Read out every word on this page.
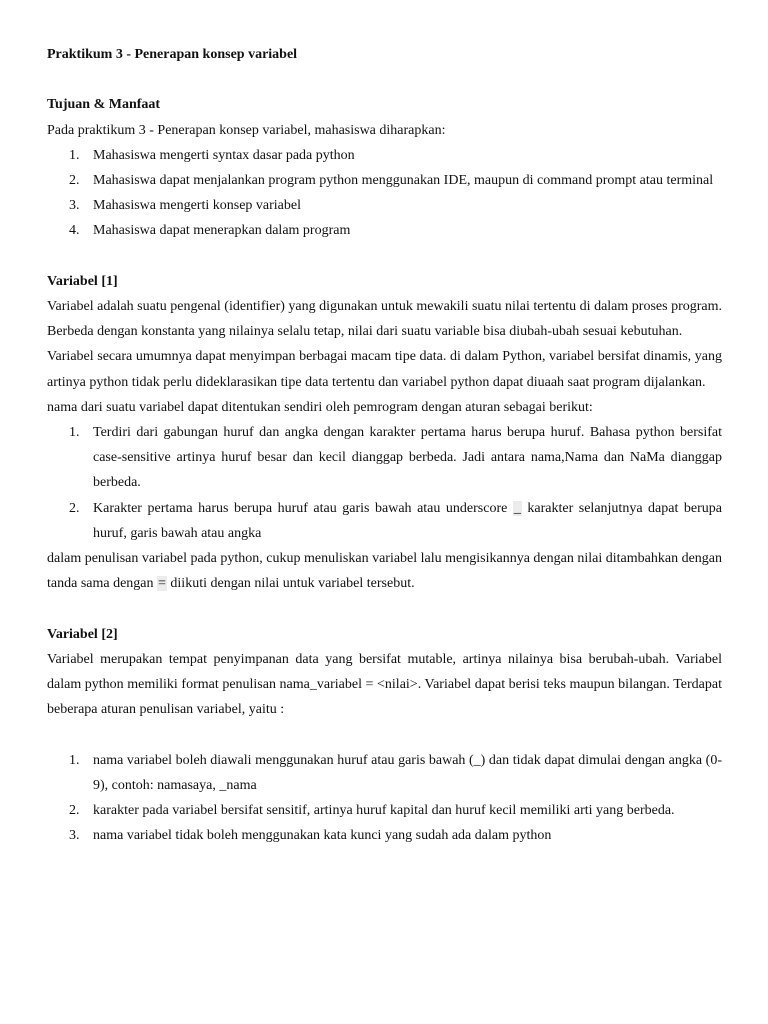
Praktikum 3 - Penerapan konsep variabel

Tujuan & Manfaat

Pada praktikum 3 - Penerapan konsep variabel, mahasiswa diharapkan:

1. Mahasiswa mengerti syntax dasar pada python
2. Mahasiswa dapat menjalankan program python menggunakan IDE, maupun di command prompt atau terminal
3. Mahasiswa mengerti konsep variabel
4. Mahasiswa dapat menerapkan dalam program

Variabel [1]

Variabel adalah suatu pengenal (identifier) yang digunakan untuk mewakili suatu nilai tertentu di dalam proses program. Berbeda dengan konstanta yang nilainya selalu tetap, nilai dari suatu variable bisa diubah-ubah sesuai kebutuhan.

Variabel secara umumnya dapat menyimpan berbagai macam tipe data. di dalam Python, variabel bersifat dinamis, yang artinya python tidak perlu dideklarasikan tipe data tertentu dan variabel python dapat diuaah saat program dijalankan.

nama dari suatu variabel dapat ditentukan sendiri oleh pemrogram dengan aturan sebagai berikut:

1. Terdiri dari gabungan huruf dan angka dengan karakter pertama harus berupa huruf. Bahasa python bersifat case-sensitive artinya huruf besar dan kecil dianggap berbeda. Jadi antara nama,Nama dan NaMa dianggap berbeda.
2. Karakter pertama harus berupa huruf atau garis bawah atau underscore _ karakter selanjutnya dapat berupa huruf, garis bawah atau angka

dalam penulisan variabel pada python, cukup menuliskan variabel lalu mengisikannya dengan nilai ditambahkan dengan tanda sama dengan = diikuti dengan nilai untuk variabel tersebut.

Variabel [2]

Variabel merupakan tempat penyimpanan data yang bersifat mutable, artinya nilainya bisa berubah-ubah. Variabel dalam python memiliki format penulisan nama_variabel = <nilai>. Variabel dapat berisi teks maupun bilangan. Terdapat beberapa aturan penulisan variabel, yaitu :

1. nama variabel boleh diawali menggunakan huruf atau garis bawah (_) dan tidak dapat dimulai dengan angka (0-9), contoh: namasaya, _nama
2. karakter pada variabel bersifat sensitif, artinya huruf kapital dan huruf kecil memiliki arti yang berbeda.
3. nama variabel tidak boleh menggunakan kata kunci yang sudah ada dalam python
